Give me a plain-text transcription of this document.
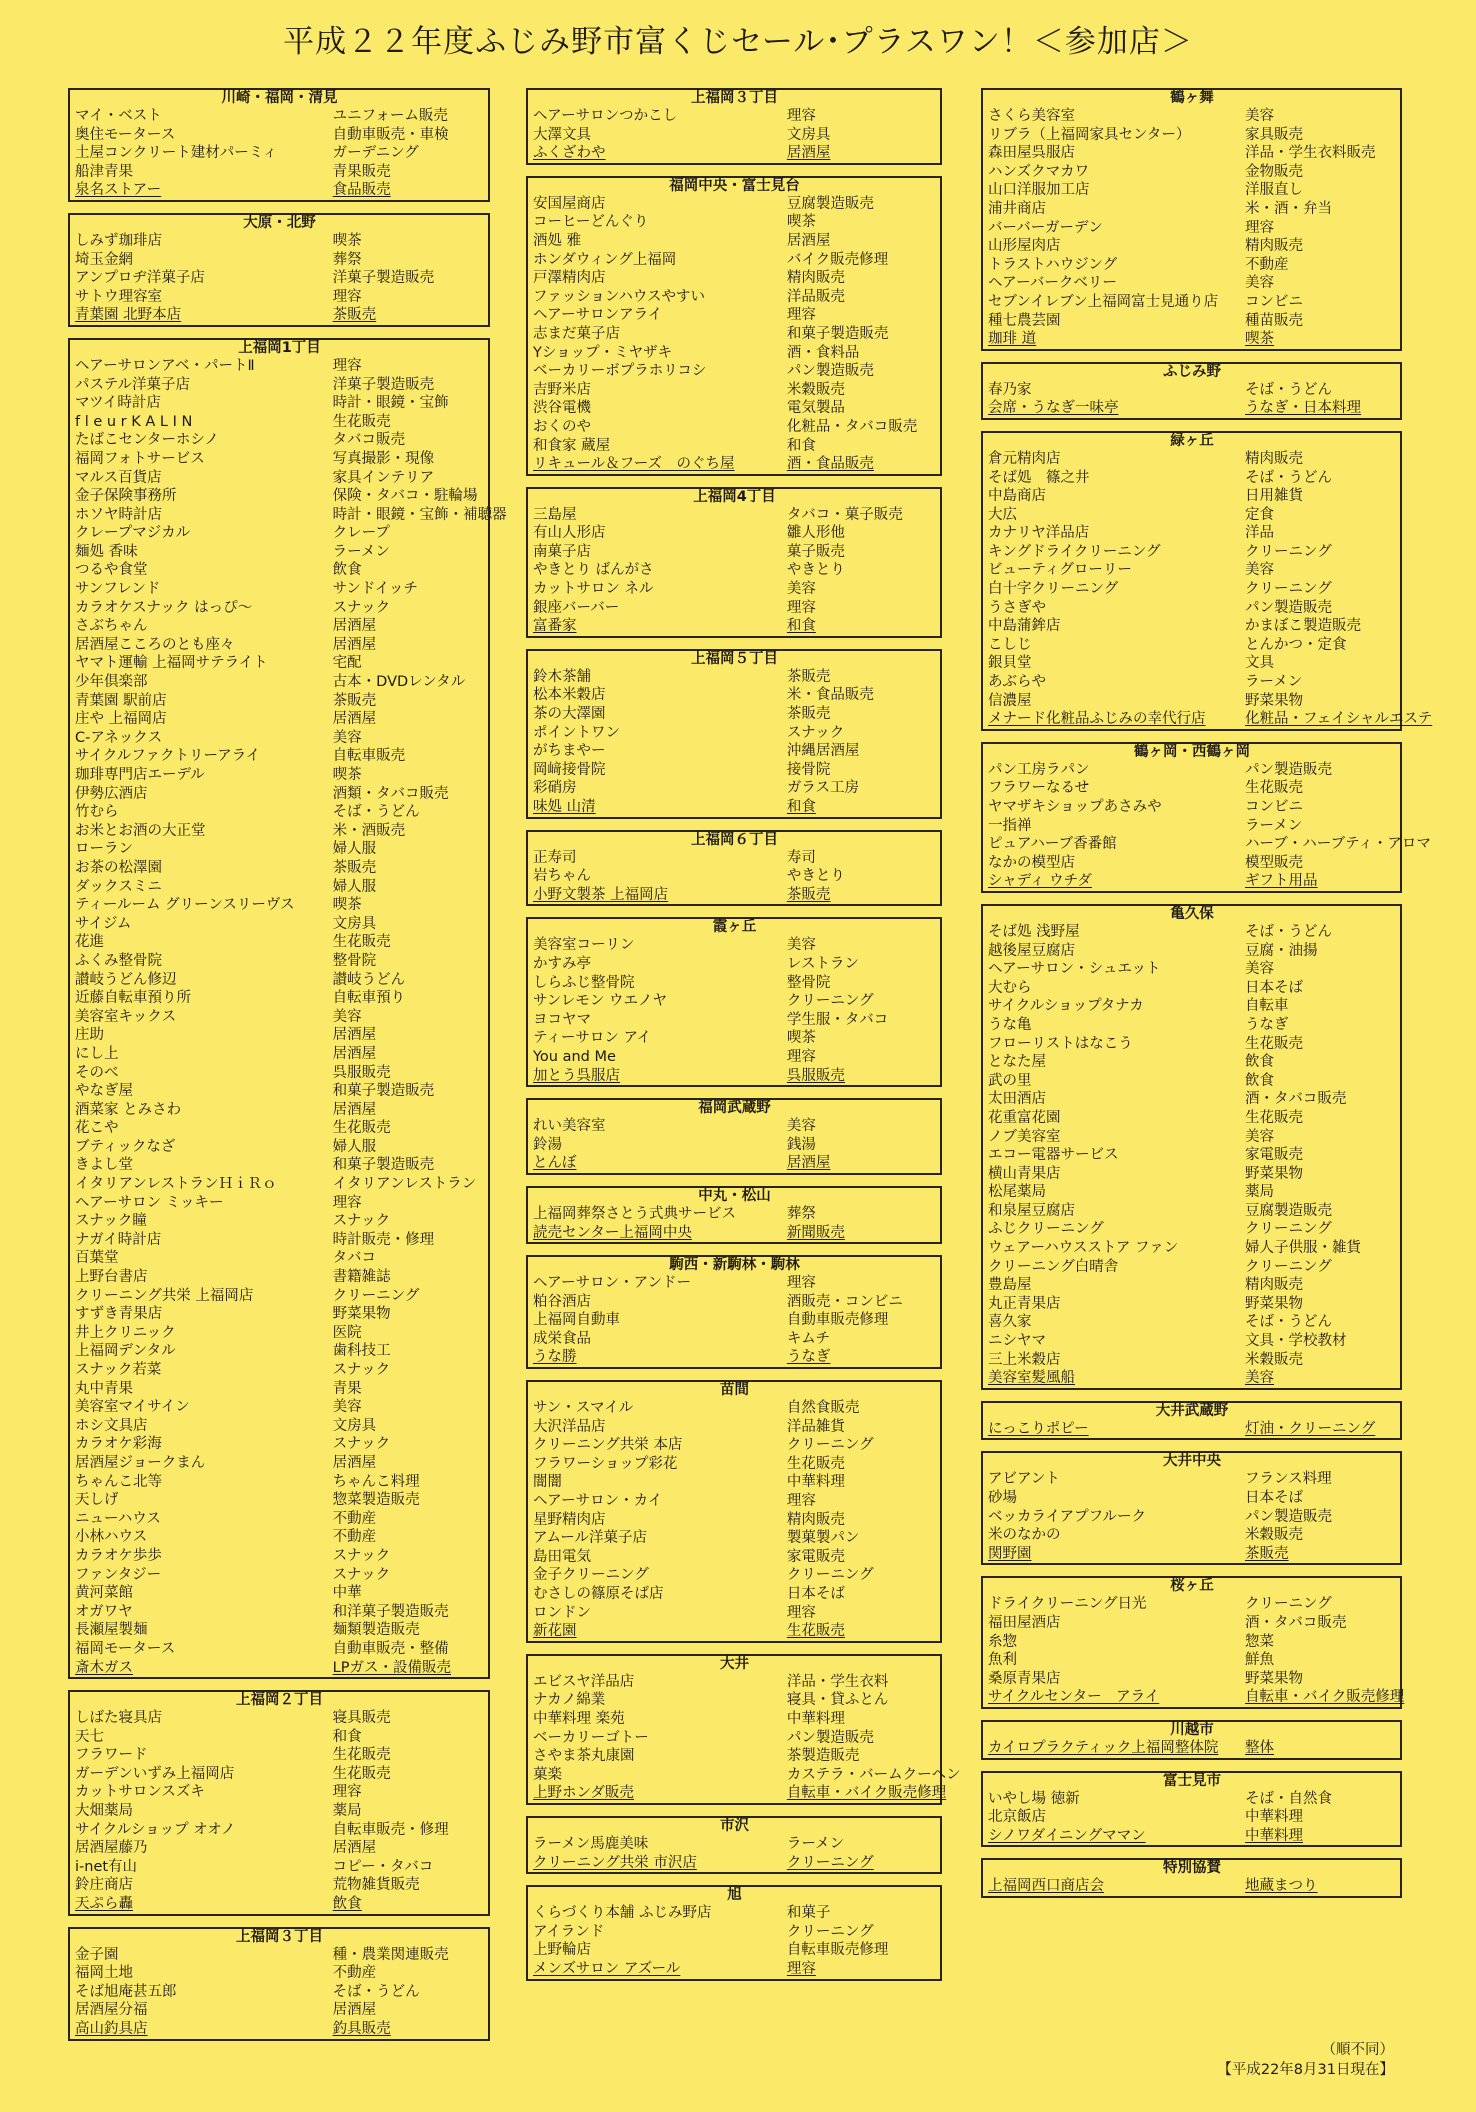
平成２２年度ふじみ野市富くじセール･プラスワン！＜参加店＞
川崎・福岡・清見
マイ・ベスト	ユニフォーム販売
奥住モータース	自動車販売・車検
土屋コンクリート建材パーミィ	ガーデニング
船津青果	青果販売
泉名ストアー	食品販売
大原・北野
しみず珈琲店	喫茶
埼玉金網	葬祭
アンプロヂ洋菓子店	洋菓子製造販売
サトウ理容室	理容
青葉園 北野本店	茶販売
上福岡1丁目
ヘアーサロンアベ・パートⅡ	理容
パステル洋菓子店	洋菓子製造販売
マツイ時計店	時計・眼鏡・宝飾
f l e u r K A L I N	生花販売
たばこセンターホシノ	タバコ販売
福岡フォトサービス	写真撮影・現像
マルス百貨店	家具インテリア
金子保険事務所	保険・タバコ・駐輪場
ホソヤ時計店	時計・眼鏡・宝飾・補聴器
クレープマジカル	クレープ
麺処 香味	ラーメン
つるや食堂	飲食
サンフレンド	サンドイッチ
カラオケスナック はっぴ～	スナック
さぶちゃん	居酒屋
居酒屋こころのとも座々	居酒屋
ヤマト運輸 上福岡サテライト	宅配
少年倶楽部	古本・DVDレンタル
青葉園 駅前店	茶販売
庄や 上福岡店	居酒屋
C-アネックス	美容
サイクルファクトリーアライ	自転車販売
珈琲専門店エーデル	喫茶
伊勢広酒店	酒類・タバコ販売
竹むら	そば・うどん
お米とお酒の大正堂	米・酒販売
ローラン	婦人服
お茶の松澤園	茶販売
ダックスミニ	婦人服
ティールーム グリーンスリーヴス	喫茶
サイジム	文房具
花進	生花販売
ふくみ整骨院	整骨院
讃岐うどん修辺	讃岐うどん
近藤自転車預り所	自転車預り
美容室キックス	美容
庄助	居酒屋
にし上	居酒屋
そのべ	呉服販売
やなぎ屋	和菓子製造販売
酒菜家 とみさわ	居酒屋
花こや	生花販売
ブティックなざ	婦人服
きよし堂	和菓子製造販売
イタリアンレストランＨｉＲｏ	イタリアンレストラン
ヘアーサロン ミッキー	理容
スナック瞳	スナック
ナガイ時計店	時計販売・修理
百葉堂	タバコ
上野台書店	書籍雑誌
クリーニング共栄 上福岡店	クリーニング
すずき青果店	野菜果物
井上クリニック	医院
上福岡デンタル	歯科技工
スナック若菜	スナック
丸中青果	青果
美容室マイサイン	美容
ホシ文具店	文房具
カラオケ彩海	スナック
居酒屋ジョークまん	居酒屋
ちゃんこ北等	ちゃんこ料理
天しげ	惣菜製造販売
ニューハウス	不動産
小林ハウス	不動産
カラオケ歩歩	スナック
ファンタジー	スナック
黄河菜館	中華
オガワヤ	和洋菓子製造販売
長瀬屋製麺	麺類製造販売
福岡モータース	自動車販売・整備
斎木ガス	LPガス・設備販売
上福岡２丁目
しばた寝具店	寝具販売
天七	和食
フラワード	生花販売
ガーデンいずみ上福岡店	生花販売
カットサロンスズキ	理容
大畑薬局	薬局
サイクルショップ オオノ	自転車販売・修理
居酒屋藤乃	居酒屋
i-net有山	コピー・タバコ
鈴庄商店	荒物雑貨販売
天ぷら轟	飲食
上福岡３丁目
金子園	種・農業関連販売
福岡土地	不動産
そば旭庵甚五郎	そば・うどん
居酒屋分福	居酒屋
高山釣具店	釣具販売
上福岡３丁目
ヘアーサロンつかこし	理容
大澤文具	文房具
ふくざわや	居酒屋
福岡中央・富士見台
安国屋商店	豆腐製造販売
コーヒーどんぐり	喫茶
酒処 雅	居酒屋
ホンダウィング上福岡	バイク販売修理
戸澤精肉店	精肉販売
ファッションハウスやすい	洋品販売
ヘアーサロンアライ	理容
志まだ菓子店	和菓子製造販売
Yショップ・ミヤザキ	酒・食料品
ベーカリーボプラホリコシ	パン製造販売
吉野米店	米穀販売
渋谷電機	電気製品
おくのや	化粧品・タバコ販売
和食家 蔵屋	和食
リキュール＆フーズ　のぐち屋	酒・食品販売
上福岡4丁目
三島屋	タバコ・菓子販売
有山人形店	雛人形他
南菓子店	菓子販売
やきとり ばんがさ	やきとり
カットサロン ネル	美容
銀座バーバー	理容
富番家	和食
上福岡５丁目
鈴木茶舗	茶販売
松本米穀店	米・食品販売
茶の大澤園	茶販売
ポイントワン	スナック
がちまやー	沖縄居酒屋
岡﨑接骨院	接骨院
彩硝房	ガラス工房
味処 山清	和食
上福岡６丁目
正寿司	寿司
岩ちゃん	やきとり
小野文製茶 上福岡店	茶販売
霞ヶ丘
美容室コーリン	美容
かすみ亭	レストラン
しらふじ整骨院	整骨院
サンレモン ウエノヤ	クリーニング
ヨコヤマ	学生服・タバコ
ティーサロン アイ	喫茶
You and Me	理容
加とう呉服店	呉服販売
福岡武蔵野
れい美容室	美容
鈴湯	銭湯
とんぼ	居酒屋
中丸・松山
上福岡葬祭さとう式典サービス	葬祭
読売センター上福岡中央	新聞販売
駒西・新駒林・駒林
ヘアーサロン・アンドー	理容
粕谷酒店	酒販売・コンビニ
上福岡自動車	自動車販売修理
成栄食品	キムチ
うな勝	うなぎ
苗間
サン・スマイル	自然食販売
大沢洋品店	洋品雑貨
クリーニング共栄 本店	クリーニング
フラワーショップ彩花	生花販売
闇闇	中華料理
ヘアーサロン・カイ	理容
星野精肉店	精肉販売
アムール洋菓子店	製菓製パン
島田電気	家電販売
金子クリーニング	クリーニング
むさしの篠原そば店	日本そば
ロンドン	理容
新花園	生花販売
大井
エビスヤ洋品店	洋品・学生衣料
ナカノ綿業	寝具・貸ふとん
中華料理 楽苑	中華料理
ベーカリーゴトー	パン製造販売
さやま茶丸康園	茶製造販売
菓楽	カステラ・バームクーヘン
上野ホンダ販売	自転車・バイク販売修理
市沢
ラーメン馬鹿美味	ラーメン
クリーニング共栄 市沢店	クリーニング
旭
くらづくり本舗 ふじみ野店	和菓子
アイランド	クリーニング
上野輪店	自転車販売修理
メンズサロン アズール	理容
鶴ヶ舞
さくら美容室	美容
リブラ（上福岡家具センター）	家具販売
森田屋呉服店	洋品・学生衣料販売
ハンズクマカワ	金物販売
山口洋服加工店	洋服直し
浦井商店	米・酒・弁当
バーバーガーデン	理容
山形屋肉店	精肉販売
トラストハウジング	不動産
ヘアーバークベリー	美容
セブンイレブン上福岡富士見通り店	コンビニ
種七農芸園	種苗販売
珈琲 道	喫茶
ふじみ野
春乃家	そば・うどん
会席・うなぎ一味亭	うなぎ・日本料理
緑ヶ丘
倉元精肉店	精肉販売
そば処　篠之井	そば・うどん
中島商店	日用雑貨
大広	定食
カナリヤ洋品店	洋品
キングドライクリーニング	クリーニング
ビューティグローリー	美容
白十字クリーニング	クリーニング
うさぎや	パン製造販売
中島蒲鉾店	かまぼこ製造販売
こしじ	とんかつ・定食
銀貝堂	文具
あぶらや	ラーメン
信濃屋	野菜果物
メナード化粧品ふじみの幸代行店	化粧品・フェイシャルエステ
鶴ヶ岡・西鶴ヶ岡
パン工房ラパン	パン製造販売
フラワーなるせ	生花販売
ヤマザキショップあさみや	コンビニ
一指禅	ラーメン
ピュアハーブ香番館	ハーブ・ハーブティ・アロマ
なかの模型店	模型販売
シャディ ウチダ	ギフト用品
亀久保
そば処 浅野屋	そば・うどん
越後屋豆腐店	豆腐・油揚
ヘアーサロン・シュエット	美容
大むら	日本そば
サイクルショップタナカ	自転車
うな亀	うなぎ
フローリストはなこう	生花販売
となた屋	飲食
武の里	飲食
太田酒店	酒・タバコ販売
花重富花園	生花販売
ノブ美容室	美容
エコー電器サービス	家電販売
横山青果店	野菜果物
松尾薬局	薬局
和泉屋豆腐店	豆腐製造販売
ふじクリーニング	クリーニング
ウェアーハウスストア ファン	婦人子供服・雑貨
クリーニング白晴舎	クリーニング
豊島屋	精肉販売
丸正青果店	野菜果物
喜久家	そば・うどん
ニシヤマ	文具・学校教材
三上米穀店	米穀販売
美容室髪風船	美容
大井武蔵野
にっこりポピー	灯油・クリーニング
大井中央
アビアント	フランス料理
砂場	日本そば
ベッカライアプフルーク	パン製造販売
米のなかの	米穀販売
関野園	茶販売
桜ヶ丘
ドライクリーニング日光	クリーニング
福田屋酒店	酒・タバコ販売
糸惣	惣菜
魚利	鮮魚
桑原青果店	野菜果物
サイクルセンター　アライ	自転車・バイク販売修理
川越市
カイロプラクティック上福岡整体院	整体
富士見市
いやし場 徳新	そば・自然食
北京飯店	中華料理
シノワダイニングママン	中華料理
特別協賛
上福岡西口商店会	地蔵まつり
（順不同）
【平成22年8月31日現在】
